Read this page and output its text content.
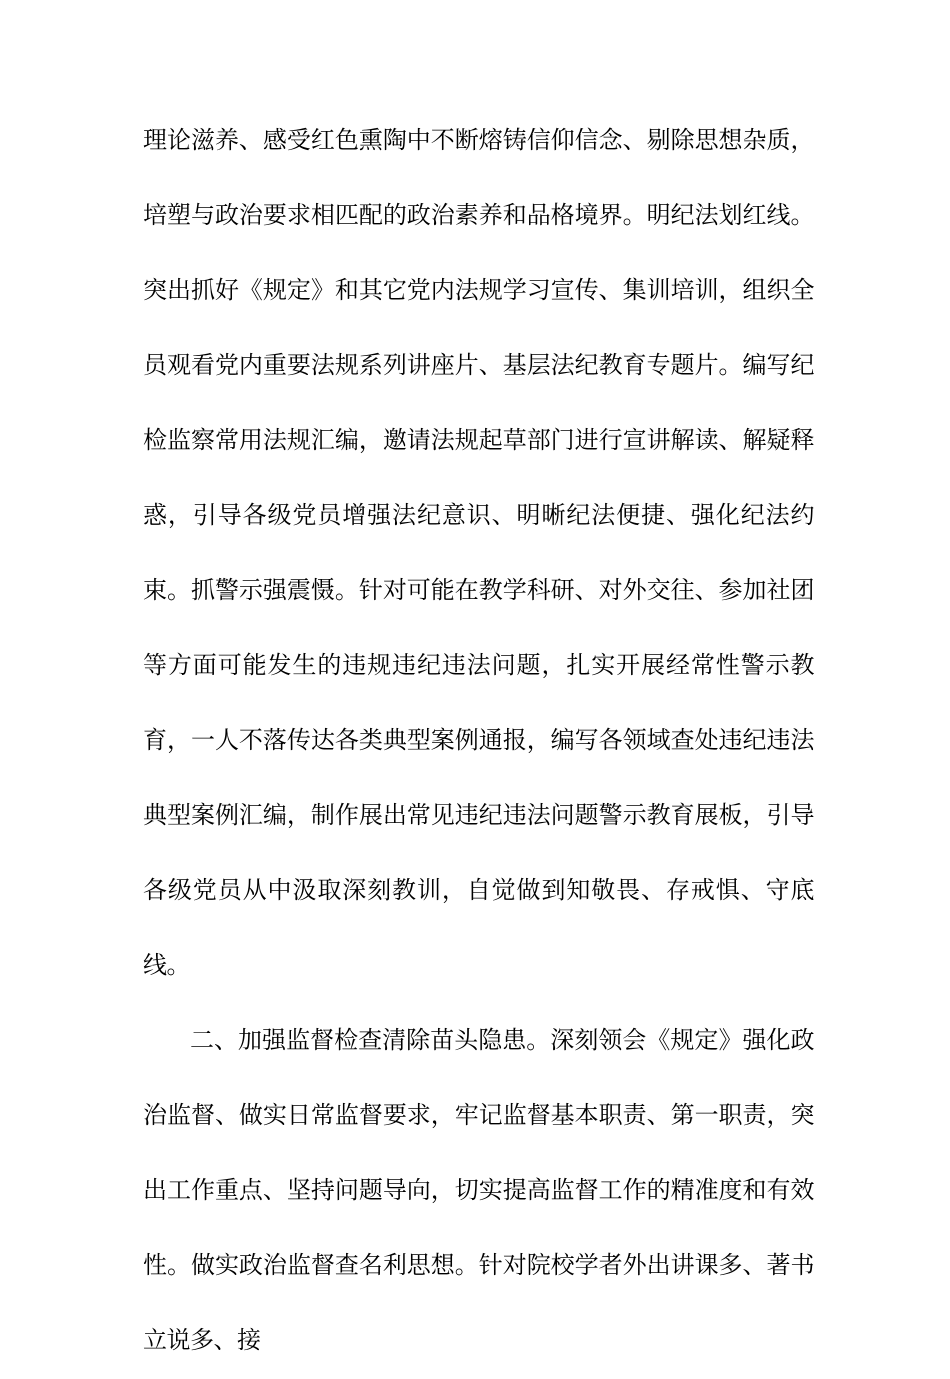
理论滋养、感受红色熏陶中不断熔铸信仰信念、剔除思想杂质，培塑与政治要求相匹配的政治素养和品格境界。明纪法划红线。突出抓好《规定》和其它党内法规学习宣传、集训培训，组织全员观看党内重要法规系列讲座片、基层法纪教育专题片。编写纪检监察常用法规汇编，邀请法规起草部门进行宣讲解读、解疑释惑，引导各级党员增强法纪意识、明晰纪法便捷、强化纪法约束。抓警示强震慑。针对可能在教学科研、对外交往、参加社团等方面可能发生的违规违纪违法问题，扎实开展经常性警示教育，一人不落传达各类典型案例通报，编写各领域查处违纪违法典型案例汇编，制作展出常见违纪违法问题警示教育展板，引导各级党员从中汲取深刻教训，自觉做到知敬畏、存戒惧、守底线。

二、加强监督检查清除苗头隐患。深刻领会《规定》强化政治监督、做实日常监督要求，牢记监督基本职责、第一职责，突出工作重点、坚持问题导向，切实提高监督工作的精准度和有效性。做实政治监督查名利思想。针对院校学者外出讲课多、著书立说多、接
